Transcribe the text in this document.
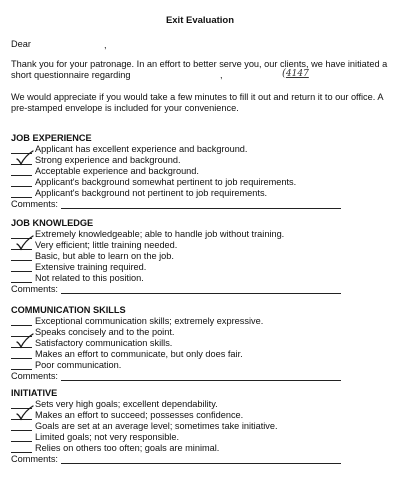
Exit Evaluation
Dear	,
Thank you for your patronage. In an effort to better serve you, our clients, we have initiated a short questionnaire regarding	,	(4147
We would appreciate if you would take a few minutes to fill it out and return it to our office. A pre-stamped envelope is included for your convenience.
JOB EXPERIENCE
Applicant has excellent experience and background.
Strong experience and background.
Acceptable experience and background.
Applicant's background somewhat pertinent to job requirements.
Applicant's background not pertinent to job requirements.
Comments:
JOB KNOWLEDGE
Extremely knowledgeable; able to handle job without training.
Very efficient; little training needed.
Basic, but able to learn on the job.
Extensive training required.
Not related to this position.
Comments:
COMMUNICATION SKILLS
Exceptional communication skills; extremely expressive.
Speaks concisely and to the point.
Satisfactory communication skills.
Makes an effort to communicate, but only does fair.
Poor communication.
Comments:
INITIATIVE
Sets very high goals; excellent dependability.
Makes an effort to succeed; possesses confidence.
Goals are set at an average level; sometimes take initiative.
Limited goals; not very responsible.
Relies on others too often; goals are minimal.
Comments:
